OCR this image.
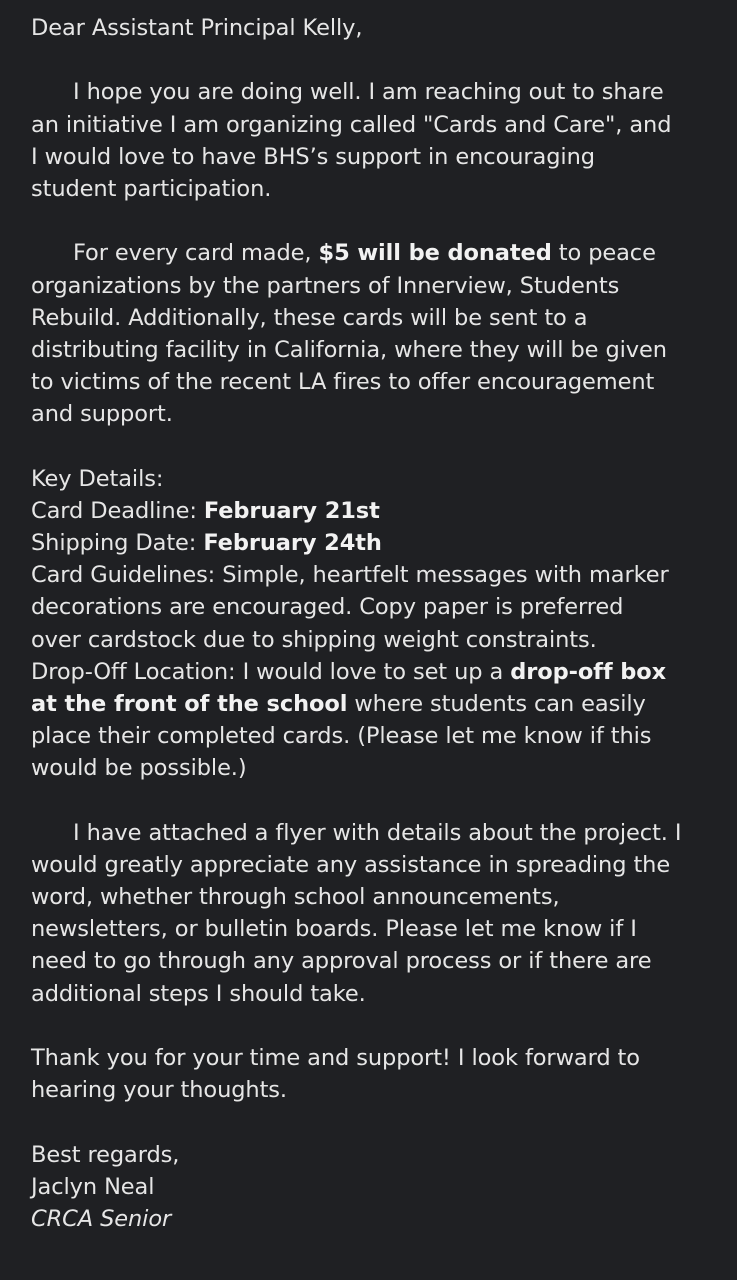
Dear Assistant Principal Kelly,
I hope you are doing well. I am reaching out to share
an initiative I am organizing called "Cards and Care", and
I would love to have BHS’s support in encouraging
student participation.
For every card made, $5 will be donated to peace
organizations by the partners of Innerview, Students
Rebuild. Additionally, these cards will be sent to a
distributing facility in California, where they will be given
to victims of the recent LA fires to offer encouragement
and support.
Key Details:
Card Deadline: February 21st
Shipping Date: February 24th
Card Guidelines: Simple, heartfelt messages with marker
decorations are encouraged. Copy paper is preferred
over cardstock due to shipping weight constraints.
Drop-Off Location: I would love to set up a drop-off box
at the front of the school where students can easily
place their completed cards. (Please let me know if this
would be possible.)
I have attached a flyer with details about the project. I
would greatly appreciate any assistance in spreading the
word, whether through school announcements,
newsletters, or bulletin boards. Please let me know if I
need to go through any approval process or if there are
additional steps I should take.
Thank you for your time and support! I look forward to
hearing your thoughts.
Best regards,
Jaclyn Neal
CRCA Senior
